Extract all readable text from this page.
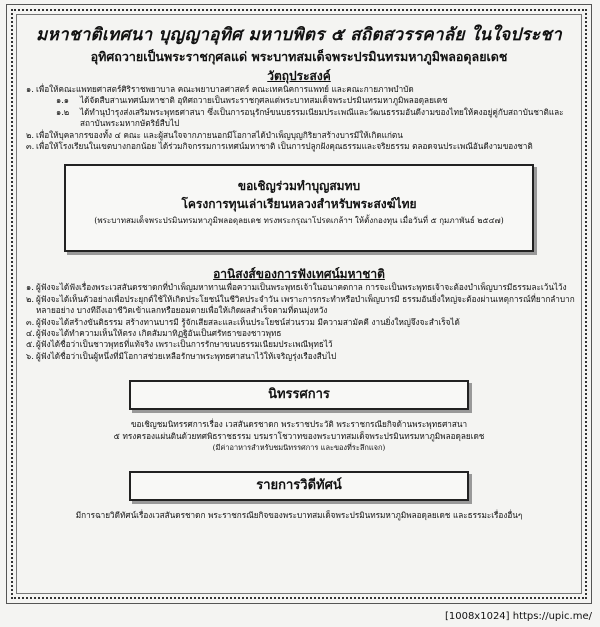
มหาชาติเทศนา บุญญาอุทิศ มหาบพิตร ๕ สถิตสวรรคาลัย ในใจประชา
อุทิศถวายเป็นพระราชกุศลแด่ พระบาทสมเด็จพระปรมินทรมหาภูมิพลอดุลยเดช
วัตถุประสงค์
๑. เพื่อให้คณะแพทยศาสตร์ศิริราชพยาบาล คณะพยาบาลศาสตร์ คณะเทคนิคการแพทย์ และคณะกายภาพบำบัด
๑.๑	ได้จัดสืบสานเทศน์มหาชาติ อุทิศถวายเป็นพระราชกุศลแด่พระบาทสมเด็จพระปรมินทรมหาภูมิพลอดุลยเดช
๑.๒	ได้ทำนุบำรุงส่งเสริมพระพุทธศาสนา ซึ่งเป็นการอนุรักษ์ขนบธรรมเนียมประเพณีและวัฒนธรรมอันดีงามของไทยให้คงอยู่คู่กับสถาบันชาติและสถาบันพระมหากษัตริย์สืบไป
๒. เพื่อให้บุคลากรของทั้ง ๔ คณะ และผู้สนใจจากภายนอกมีโอกาสได้บำเพ็ญบุญกิริยาสร้างบารมีให้เกิดแก่ตน
๓. เพื่อให้โรงเรียนในเขตบางกอกน้อย ได้ร่วมกิจกรรมการเทศน์มหาชาติ เป็นการปลูกฝังคุณธรรมและจริยธรรม ตลอดจนประเพณีอันดีงามของชาติ
ขอเชิญร่วมทำบุญสมทบ
โครงการทุนเล่าเรียนหลวงสำหรับพระสงฆ์ไทย
(พระบาทสมเด็จพระปรมินทรมหาภูมิพลอดุลยเดช ทรงพระกรุณาโปรดเกล้าฯ ให้ตั้งกองทุน เมื่อวันที่ ๕ กุมภาพันธ์ ๒๕๔๗)
อานิสงส์ของการฟังเทศน์มหาชาติ
๑. ผู้ฟังจะได้ฟังเรื่องพระเวสสันดรชาดกที่บำเพ็ญมหาทานเพื่อความเป็นพระพุทธเจ้าในอนาคตกาล การจะเป็นพระพุทธเจ้าจะต้องบำเพ็ญบารมีธรรมละเว้นไว้ง
๒. ผู้ฟังจะได้เห็นตัวอย่างเพื่อประยุกต์ใช้ให้เกิดประโยชน์ในชีวิตประจำวัน เพราะการกระทำหรือบำเพ็ญบารมี ธรรมอันยิ่งใหญ่จะต้องผ่านเหตุการณ์ที่ยากลำบากหลายอย่าง บางทีถึงเอาชีวิตเข้าแลกหรือยอมตายเพื่อให้เกิดผลสำเร็จตามที่ตนมุ่งหวัง
๓. ผู้ฟังจะได้สร้างขันติธรรม สร้างทานบารมี รู้จักเสียสละและเห็นประโยชน์ส่วนรวม มีความสามัคคี งานยิ่งใหญ่จึงจะสำเร็จได้
๔. ผู้ฟังจะได้ทำความเห็นให้ตรง เกิดสัมมาทิฏฐิอันเป็นศรัทธาของชาวพุทธ
๕. ผู้ฟังได้ชื่อว่าเป็นชาวพุทธที่แท้จริง เพราะเป็นการรักษาขนบธรรมเนียมประเพณีพุทธไว้
๖. ผู้ฟังได้ชื่อว่าเป็นผู้หนึ่งที่มีโอกาสช่วยเหลือรักษาพระพุทธศาสนาไว้ให้เจริญรุ่งเรืองสืบไป
นิทรรศการ
ขอเชิญชมนิทรรศการเรื่อง เวสสันดรชาดก พระราชประวัติ พระราชกรณียกิจด้านพระพุทธศาสนา
๕ ทรงครองแผ่นดินด้วยทศพิธราชธรรม บรมราโชวาทของพระบาทสมเด็จพระปรมินทรมหาภูมิพลอดุลยเดช
(มีค่าอาหารสำหรับชมนิทรรศการ และของที่ระลึกแจก)
รายการวิดีทัศน์
มีการฉายวิดีทัศน์เรื่องเวสสันดรชาดก พระราชกรณียกิจของพระบาทสมเด็จพระปรมินทรมหาภูมิพลอดุลยเดช และธรรมะเรื่องอื่นๆ
[1008x1024] https://upic.me/
